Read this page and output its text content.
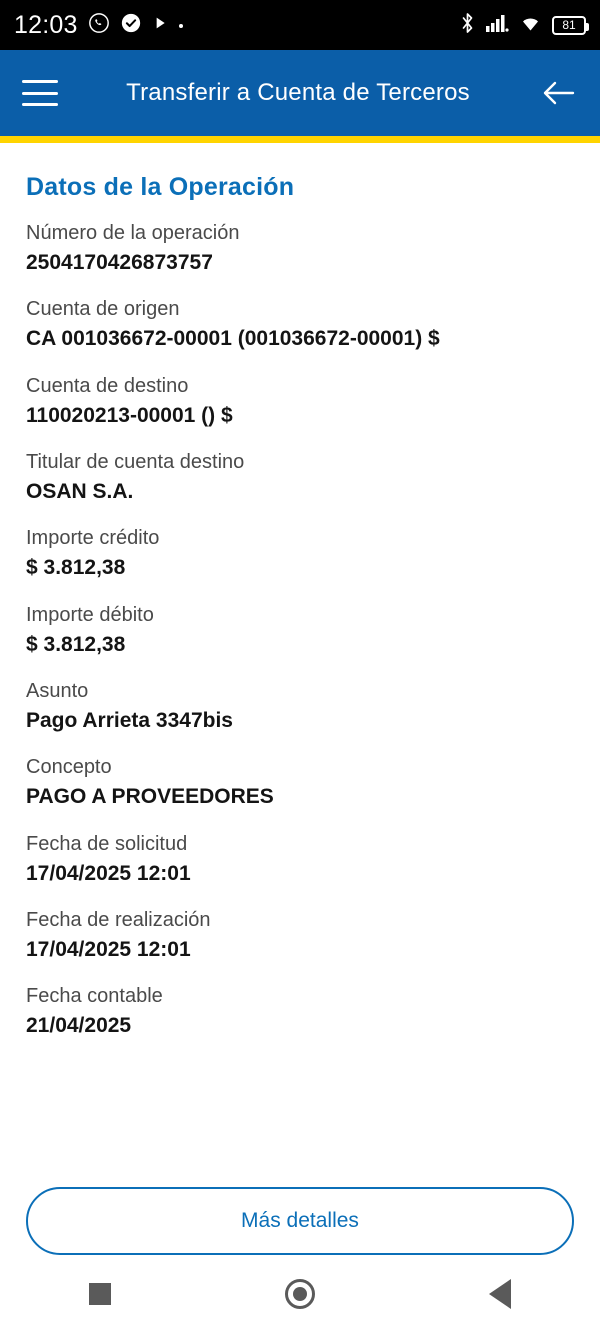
12:03	81
Transferir a Cuenta de Terceros
Datos de la Operación
Número de la operación
2504170426873757
Cuenta de origen
CA 001036672-00001 (001036672-00001) $
Cuenta de destino
110020213-00001 () $
Titular de cuenta destino
OSAN S.A.
Importe crédito
$ 3.812,38
Importe débito
$ 3.812,38
Asunto
Pago Arrieta 3347bis
Concepto
PAGO A PROVEEDORES
Fecha de solicitud
17/04/2025 12:01
Fecha de realización
17/04/2025 12:01
Fecha contable
21/04/2025
Más detalles
